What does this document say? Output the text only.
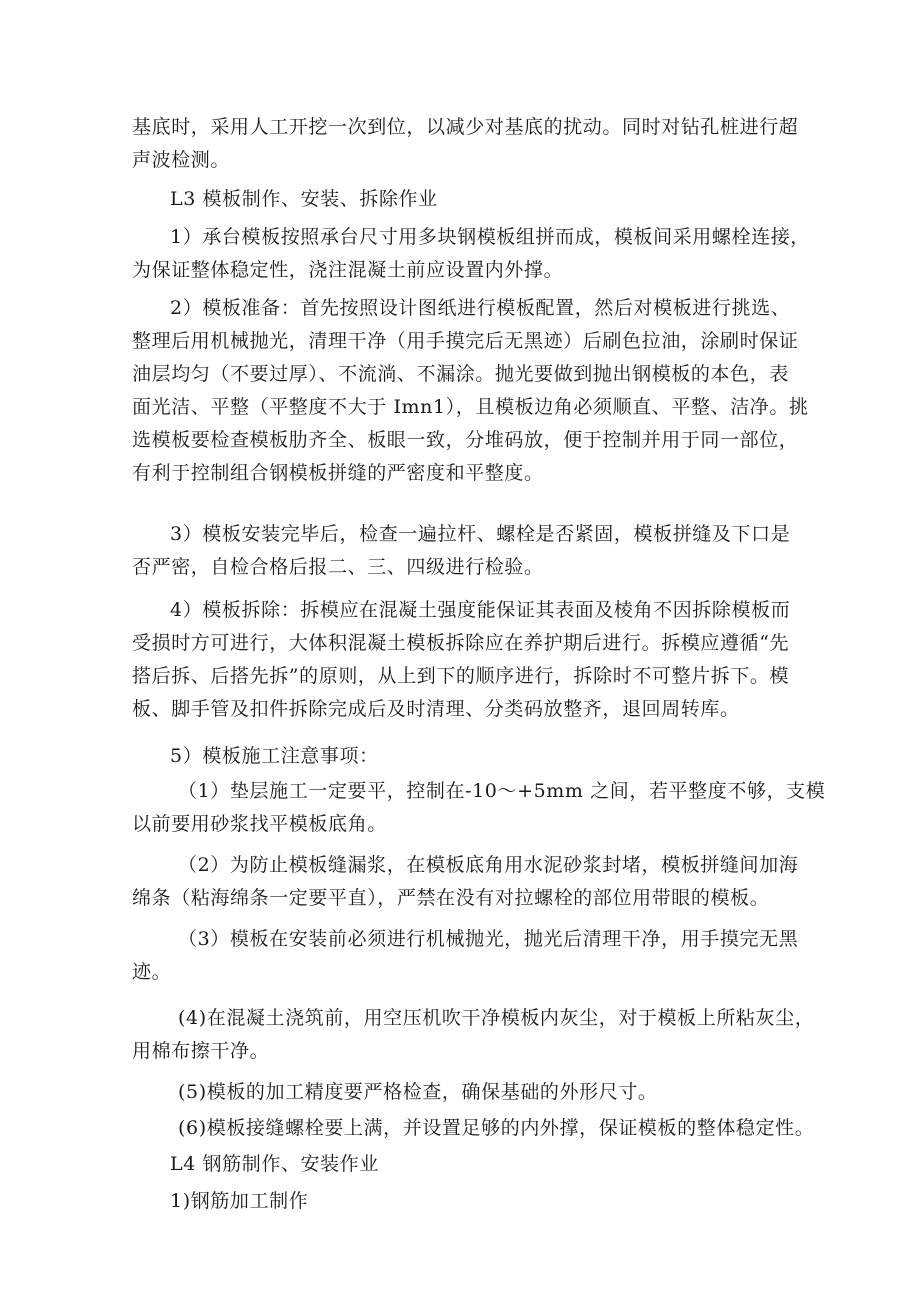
基底时，采用人工开挖一次到位，以减少对基底的扰动。同时对钻孔桩进行超
声波检测。

L3 模板制作、安装、拆除作业

1）承台模板按照承台尺寸用多块钢模板组拼而成，模板间采用螺栓连接，
为保证整体稳定性，浇注混凝土前应设置内外撑。

2）模板准备：首先按照设计图纸进行模板配置，然后对模板进行挑选、
整理后用机械抛光，清理干净（用手摸完后无黑迹）后刷色拉油，涂刷时保证
油层均匀（不要过厚）、不流淌、不漏涂。抛光要做到抛出钢模板的本色，表
面光洁、平整（平整度不大于 Imn1），且模板边角必须顺直、平整、洁净。挑
选模板要检查模板肋齐全、板眼一致，分堆码放，便于控制并用于同一部位，
有利于控制组合钢模板拼缝的严密度和平整度。

3）模板安装完毕后，检查一遍拉杆、螺栓是否紧固，模板拼缝及下口是
否严密，自检合格后报二、三、四级进行检验。

4）模板拆除：拆模应在混凝土强度能保证其表面及棱角不因拆除模板而
受损时方可进行，大体积混凝土模板拆除应在养护期后进行。拆模应遵循“先
搭后拆、后搭先拆”的原则，从上到下的顺序进行，拆除时不可整片拆下。模
板、脚手管及扣件拆除完成后及时清理、分类码放整齐，退回周转库。

5）模板施工注意事项：

（1）垫层施工一定要平，控制在-10～+5mm 之间，若平整度不够，支模
以前要用砂浆找平模板底角。

（2）为防止模板缝漏浆，在模板底角用水泥砂浆封堵，模板拼缝间加海
绵条（粘海绵条一定要平直），严禁在没有对拉螺栓的部位用带眼的模板。

（3）模板在安装前必须进行机械抛光，抛光后清理干净，用手摸完无黑
迹。

(4)在混凝土浇筑前，用空压机吹干净模板内灰尘，对于模板上所粘灰尘，
用棉布擦干净。

(5)模板的加工精度要严格检查，确保基础的外形尺寸。

(6)模板接缝螺栓要上满，并设置足够的内外撑，保证模板的整体稳定性。

L4 钢筋制作、安装作业

1)钢筋加工制作
